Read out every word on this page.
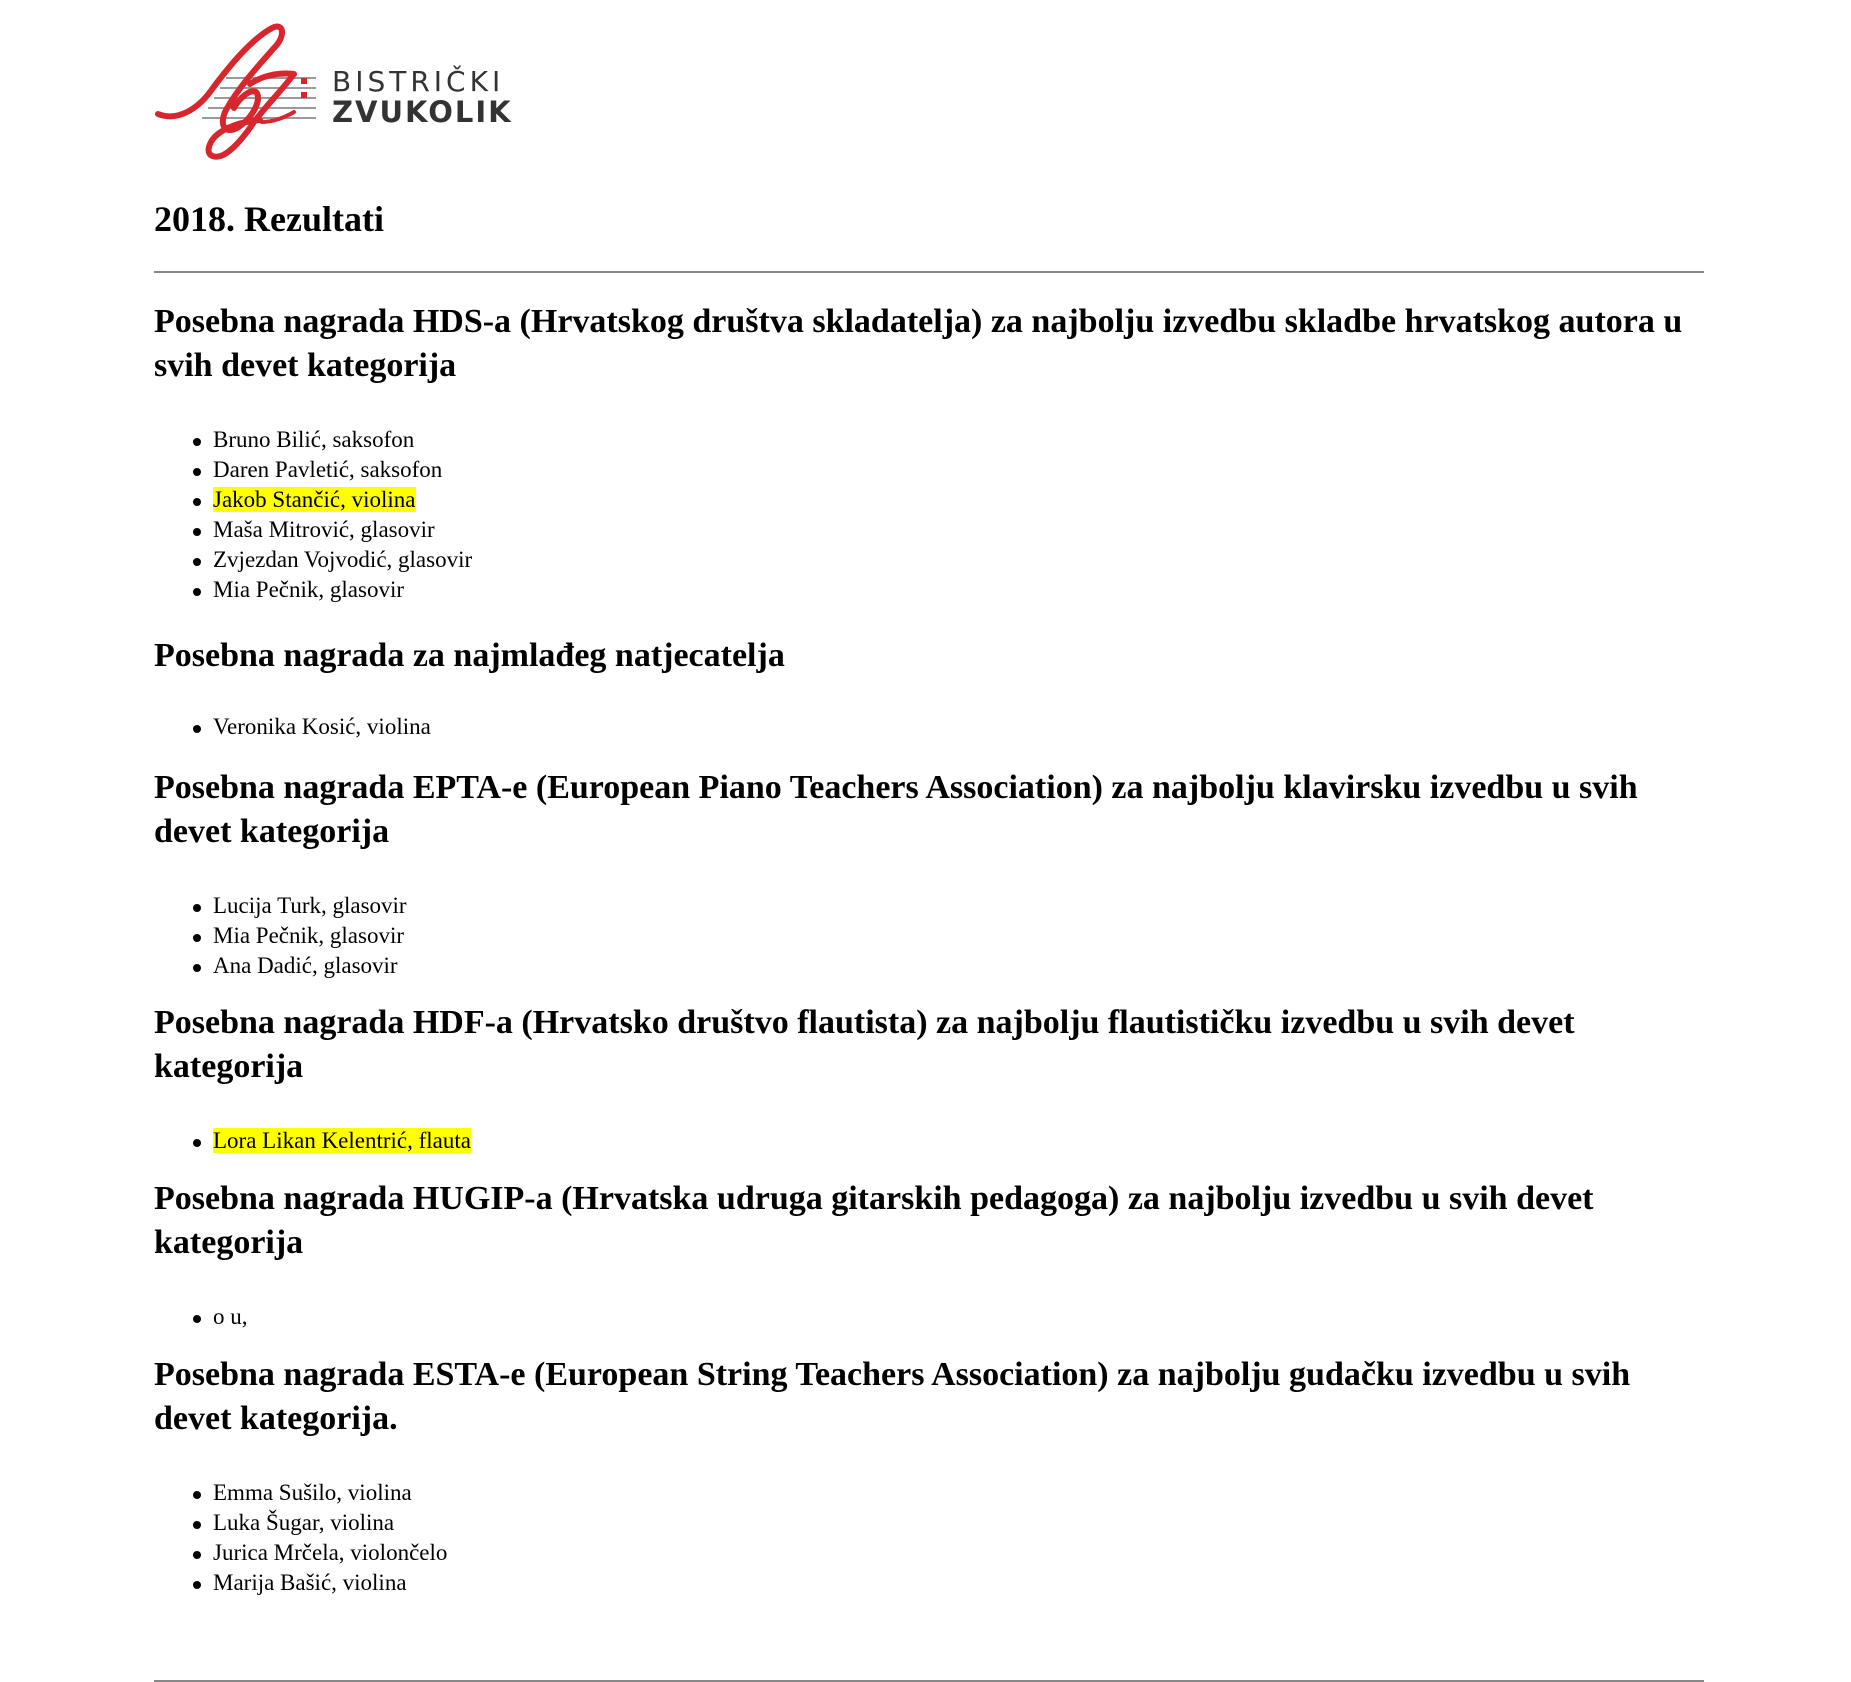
BISTRIČKI
ZVUKOLIK
2018. Rezultati
Posebna nagrada HDS-a (Hrvatskog društva skladatelja) za najbolju izvedbu skladbe hrvatskog autora u svih devet kategorija
Bruno Bilić, saksofon
Daren Pavletić, saksofon
Jakob Stančić, violina
Maša Mitrović, glasovir
Zvjezdan Vojvodić, glasovir
Mia Pečnik, glasovir
Posebna nagrada za najmlađeg natjecatelja
Veronika Kosić, violina
Posebna nagrada EPTA-e (European Piano Teachers Association) za najbolju klavirsku izvedbu u svih devet kategorija
Lucija Turk, glasovir
Mia Pečnik, glasovir
Ana Dadić, glasovir
Posebna nagrada HDF-a (Hrvatsko društvo flautista) za najbolju flautističku izvedbu u svih devet kategorija
Lora Likan Kelentrić, flauta
Posebna nagrada HUGIP-a (Hrvatska udruga gitarskih pedagoga) za najbolju izvedbu u svih devet kategorija
o u,
Posebna nagrada ESTA-e (European String Teachers Association) za najbolju gudačku izvedbu u svih devet kategorija.
Emma Sušilo, violina
Luka Šugar, violina
Jurica Mrčela, violončelo
Marija Bašić, violina
